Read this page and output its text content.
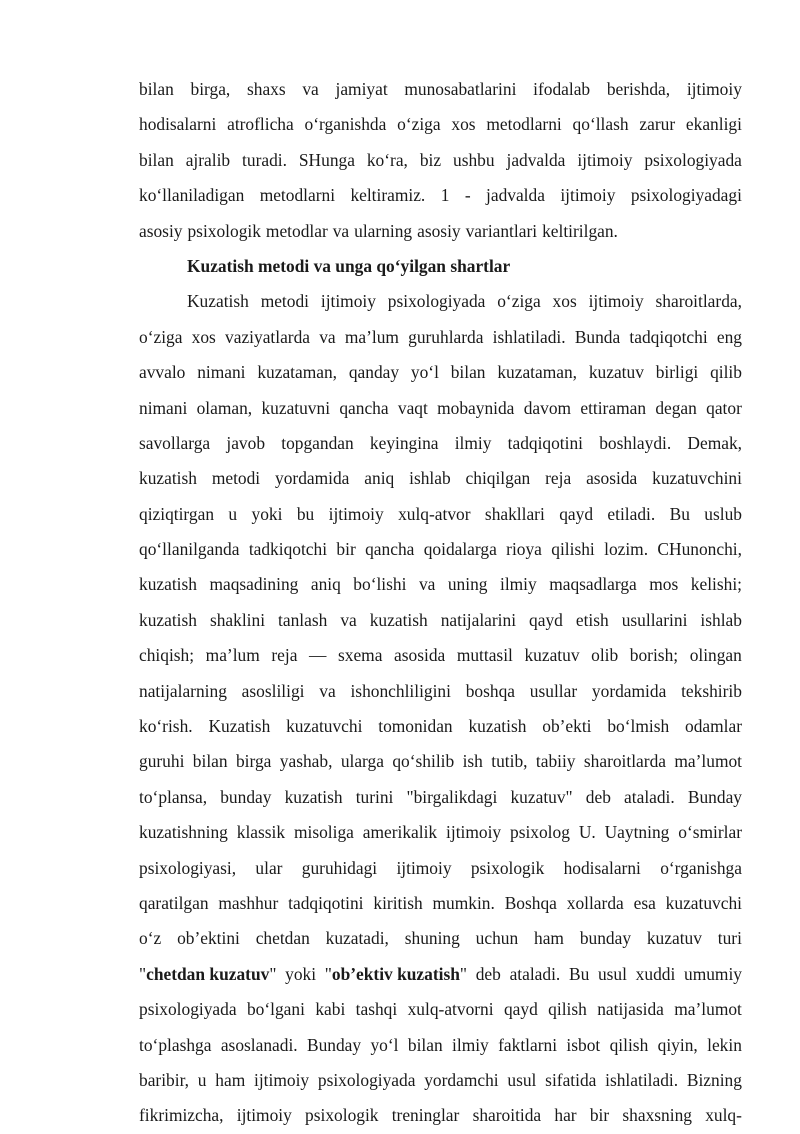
bilan birga, shaxs va jamiyat munosabatlarini ifodalab berishda, ijtimoiy
hodisalarni atroflicha o‘rganishda o‘ziga xos metodlarni qo‘llash zarur ekanligi
bilan ajralib turadi. SHunga ko‘ra, biz ushbu jadvalda ijtimoiy psixologiyada
ko‘llaniladigan metodlarni keltiramiz. 1 - jadvalda ijtimoiy psixologiyadagi
asosiy psixologik metodlar va ularning asosiy variantlari keltirilgan.
Kuzatish metodi va unga qo‘yilgan shartlar
Kuzatish metodi ijtimoiy psixologiyada o‘ziga xos ijtimoiy sharoitlarda,
o‘ziga xos vaziyatlarda va ma’lum guruhlarda ishlatiladi. Bunda tadqiqotchi eng
avvalo nimani kuzataman, qanday yo‘l bilan kuzataman, kuzatuv birligi qilib
nimani olaman, kuzatuvni qancha vaqt mobaynida davom ettiraman degan qator
savollarga javob topgandan keyingina ilmiy tadqiqotini boshlaydi. Demak,
kuzatish metodi yordamida aniq ishlab chiqilgan reja asosida kuzatuvchini
qiziqtirgan u yoki bu ijtimoiy xulq-atvor shakllari qayd etiladi. Bu uslub
qo‘llanilganda tadkiqotchi bir qancha qoidalarga rioya qilishi lozim. CHunonchi,
kuzatish maqsadining aniq bo‘lishi va uning ilmiy maqsadlarga mos kelishi;
kuzatish shaklini tanlash va kuzatish natijalarini qayd etish usullarini ishlab
chiqish; ma’lum reja — sxema asosida muttasil kuzatuv olib borish; olingan
natijalarning asosliligi va ishonchliligini boshqa usullar yordamida tekshirib
ko‘rish. Kuzatish kuzatuvchi tomonidan kuzatish ob’ekti bo‘lmish odamlar
guruhi bilan birga yashab, ularga qo‘shilib ish tutib, tabiiy sharoitlarda ma’lumot
to‘plansa, bunday kuzatish turini "birgalikdagi kuzatuv" deb ataladi. Bunday
kuzatishning klassik misoliga amerikalik ijtimoiy psixolog U. Uaytning o‘smirlar
psixologiyasi, ular guruhidagi ijtimoiy psixologik hodisalarni o‘rganishga
qaratilgan mashhur tadqiqotini kiritish mumkin. Boshqa xollarda esa kuzatuvchi
o‘z ob’ektini chetdan kuzatadi, shuning uchun ham bunday kuzatuv turi
"chetdan kuzatuv" yoki "ob’ektiv kuzatish" deb ataladi. Bu usul xuddi umumiy
psixologiyada bo‘lgani kabi tashqi xulq-atvorni qayd qilish natijasida ma’lumot
to‘plashga asoslanadi. Bunday yo‘l bilan ilmiy faktlarni isbot qilish qiyin, lekin
baribir, u ham ijtimoiy psixologiyada yordamchi usul sifatida ishlatiladi. Bizning
fikrimizcha, ijtimoiy psixologik treninglar sharoitida har bir shaxsning xulq-
